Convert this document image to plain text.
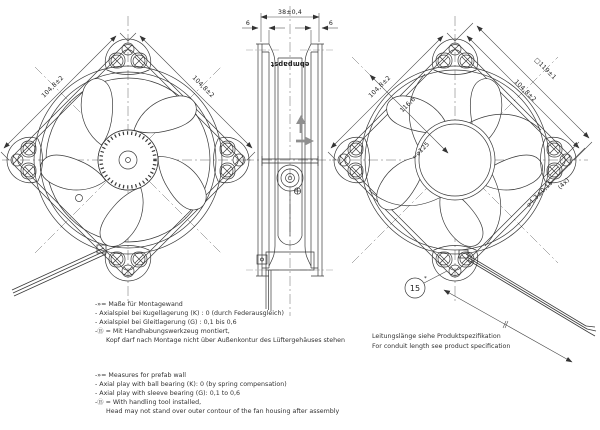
104,8±2	104,8±2
ebmpapst
38±0,4
6	6
104,8±2
□119±1
104,8±2
116,6
≈⌀125
⌀4,3±0,15 (4x)
15
*
Leitungslänge siehe Produktspezifikation
For conduit length see product specification
-»= Maße für Montagewand
- Axialspiel bei Kugellagerung (K) : 0 (durch Federausgleich)
- Axialspiel bei Gleitlagerung (G) : 0,1 bis 0,6
-⑮ = Mit Handhabungswerkzeug montiert,
Kopf darf nach Montage nicht über Außenkontur des Lüftergehäuses stehen
-»= Measures for prefab wall
- Axial play with ball bearing (K): 0 (by spring compensation)
- Axial play with sleeve bearing (G): 0,1 to 0,6
-⑮ = With handling tool installed,
Head may not stand over outer contour of the fan housing after assembly
